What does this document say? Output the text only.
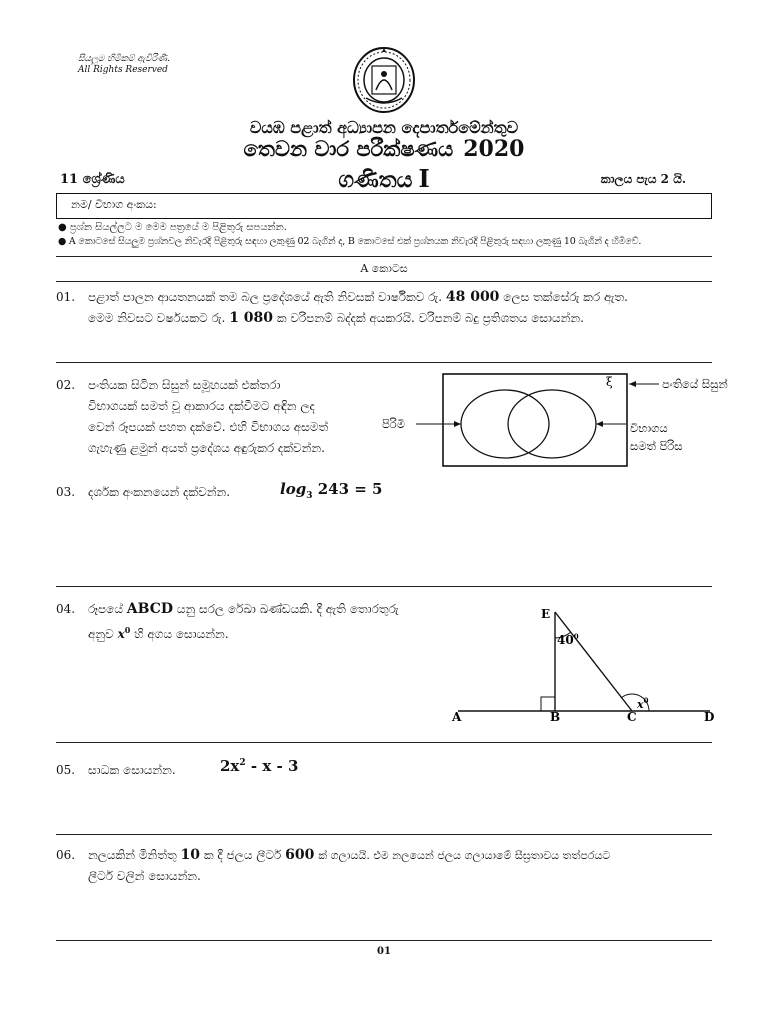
සියලුම හිමිකම් ඇවිරිණි.
All Rights Reserved
වයඹ පළාත් අධ්‍යාපන දෙපාර්තමේන්තුව
තෙවන වාර පරීක්ෂණය 2020
11 ශ්‍රේණිය	ගණිතය I	කාලය පැය 2 යි.
නම/ විභාග අංකය:
● ප්‍රශ්න සියල්ලට ම මෙම පත්‍රයේ ම පිළිතුරු සපයන්න.
● A කොටසේ සියලුම ප්‍රශ්නවල නිවැරදි පිළිතුරු සඳහා ලකුණු 02 බැගින් ද, B කොටසේ එක් ප්‍රශ්නයක නිවැරදි පිළිතුරු සඳහා ලකුණු 10 බැගින් ද හිමිවේ.
A කොටස
01. පළාත් පාලන ආයතනයක් තම බල ප්‍රදේශයේ ඇති නිවසක් වාර්ෂිකව රු. 48 000 ලෙස තක්සේරු කර ඇත.
මෙම නිවසට වර්ෂයකට රු. 1 080 ක වරිපනම් බද්දක් අයකරයි. වරිපනම් බදු ප්‍රතිශතය සොයන්න.
02. පංතියක සිටින සිසුන් සමූහයක් එක්තරා
විභාගයක් සමත් වූ ආකාරය දක්වීමට අඳින ලද
වෙන් රූපයක් පහත දක්වේ. එහි විභාගය අසමත්
ගැහැණු ළමුන් අයත් ප්‍රදේශය අඳුරුකර දක්වන්න.
ξ	පංතියේ සිසුන්
පිරිමි	විභාගය
සමත් පිරිස
03. දර්ශක අංකනයෙන් දක්වන්න.	$\log_3 243 = 5$
04. රූපයේ ABCD යනු සරල රේඛා ඛණ්ඩයකි. දී ඇති තොරතුරු
අනුව $x^0$ හි අගය සොයන්න.
A	B	C	D
E
$40^0$
$x^0$
05. සාධක සොයන්න.	$2x^2$ - x - 3
06. නලයකින් මිනිත්තු 10 ක දී ජලය ලීටර් 600 ක් ගලායයි. එම නලයෙන් ජලය ගලායාමේ සීඝ්‍රතාවය තත්පරයට
ලීටර් වලින් සොයන්න.
01
